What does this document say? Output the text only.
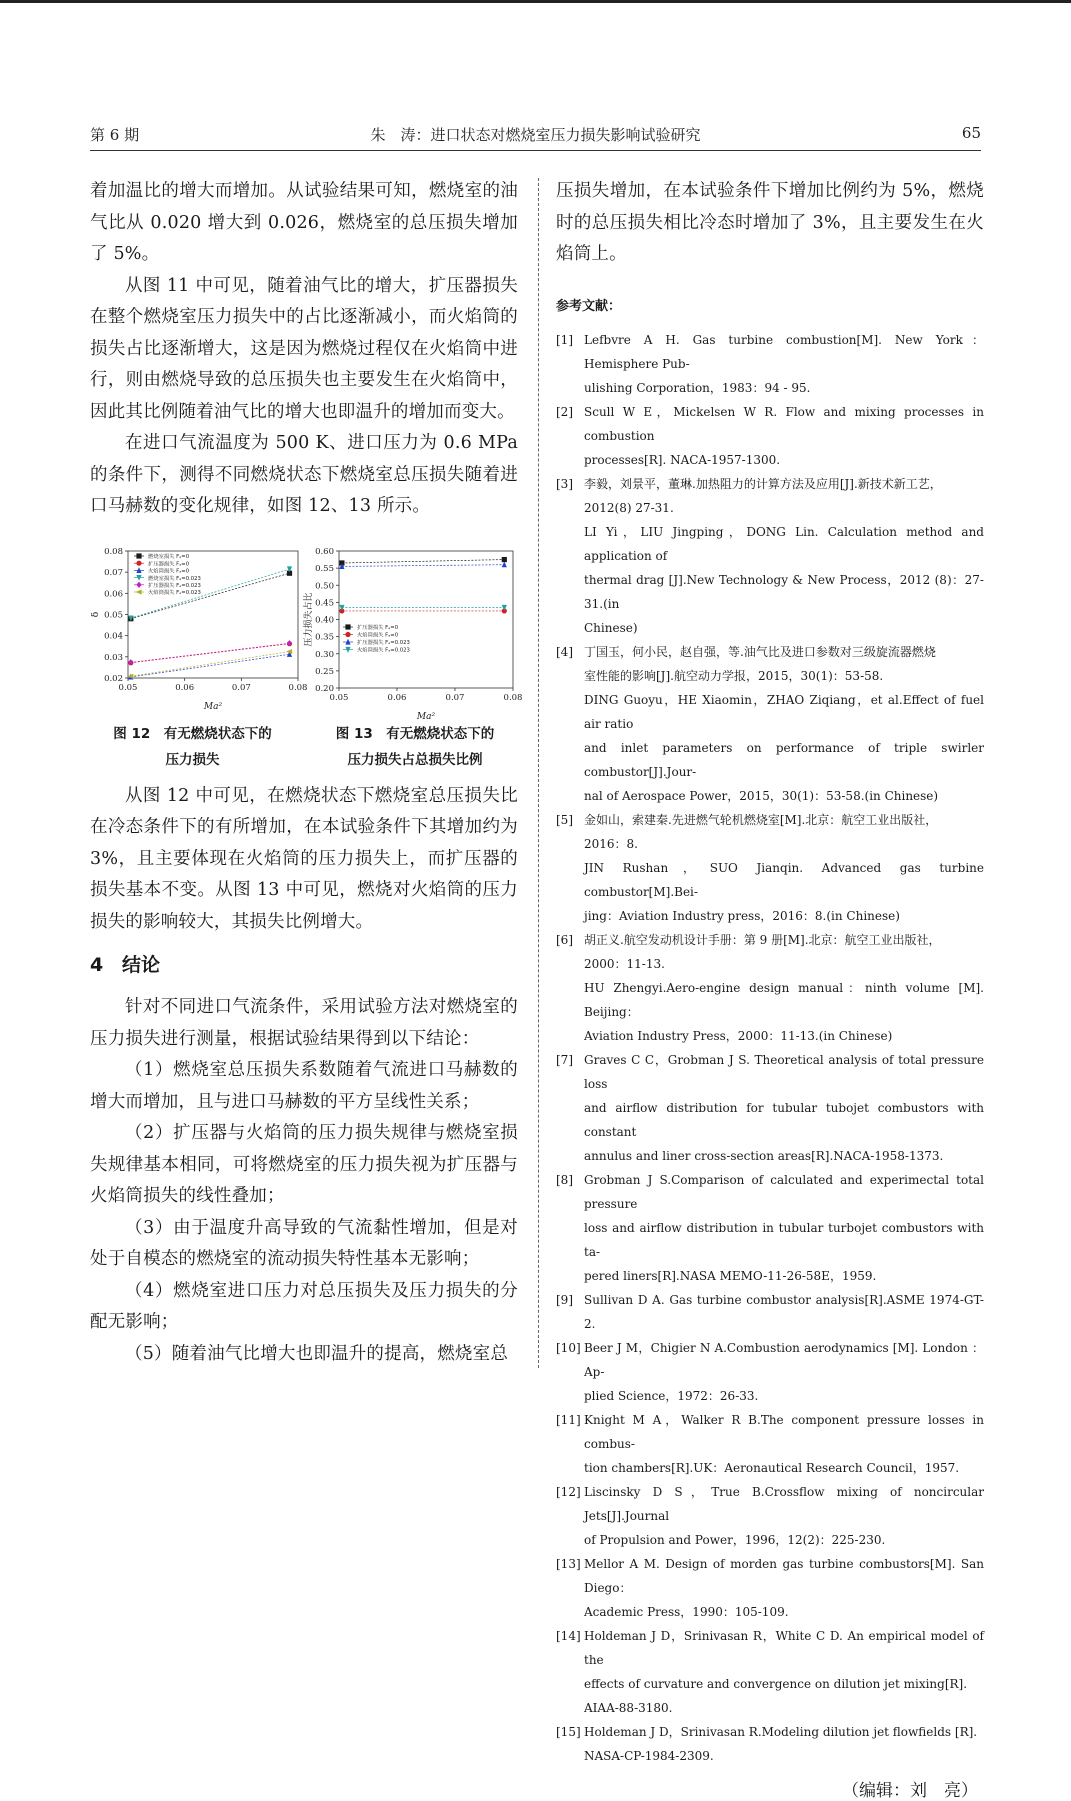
第 6 期	朱　涛：进口状态对燃烧室压力损失影响试验研究	65

着加温比的增大而增加。从试验结果可知，燃烧室的油气比从 0.020 增大到 0.026，燃烧室的总压损失增加了 5%。

从图 11 中可见，随着油气比的增大，扩压器损失在整个燃烧室压力损失中的占比逐渐减小，而火焰筒的损失占比逐渐增大，这是因为燃烧过程仅在火焰筒中进行，则由燃烧导致的总压损失也主要发生在火焰筒中，因此其比例随着油气比的增大也即温升的增加而变大。

在进口气流温度为 500 K、进口压力为 0.6 MPa 的条件下，测得不同燃烧状态下燃烧室总压损失随着进口马赫数的变化规律，如图 12、13 所示。

0.05	0.06	0.07	0.08
0.02
0.03
0.04
0.05
0.06
0.07
0.08
Ma²
δ
燃烧室损失 Fₐ=0
扩压器损失 Fₐ=0
火焰筒损失 Fₐ=0
燃烧室损失 Fₐ=0.023
扩压器损失 Fₐ=0.023
火焰筒损失 Fₐ=0.023
0.05	0.06	0.07	0.08
0.20
0.25
0.30
0.35
0.40
0.45
0.50
0.55
0.60
Ma²
压力损失占比	扩压器损失 Fₐ=0
火焰筒损失 Fₐ=0
扩压器损失 Fₐ=0.023
火焰筒损失 Fₐ=0.023
图 12　有无燃烧状态下的
压力损失
图 13　有无燃烧状态下的
压力损失占总损失比例

从图 12 中可见，在燃烧状态下燃烧室总压损失比在冷态条件下的有所增加，在本试验条件下其增加约为 3%，且主要体现在火焰筒的压力损失上，而扩压器的损失基本不变。从图 13 中可见，燃烧对火焰筒的压力损失的影响较大，其损失比例增大。

4 结论

针对不同进口气流条件，采用试验方法对燃烧室的压力损失进行测量，根据试验结果得到以下结论：

（1）燃烧室总压损失系数随着气流进口马赫数的增大而增加，且与进口马赫数的平方呈线性关系；

（2）扩压器与火焰筒的压力损失规律与燃烧室损失规律基本相同，可将燃烧室的压力损失视为扩压器与火焰筒损失的线性叠加；

（3）由于温度升高导致的气流黏性增加，但是对处于自模态的燃烧室的流动损失特性基本无影响；

（4）燃烧室进口压力对总压损失及压力损失的分配无影响；

（5）随着油气比增大也即温升的提高，燃烧室总

压损失增加，在本试验条件下增加比例约为 5%，燃烧时的总压损失相比冷态时增加了 3%，且主要发生在火焰筒上。

参考文献：
[1] Lefbvre A H. Gas turbine combustion[M]. New York：Hemisphere Pub-
ulishing Corporation，1983：94 - 95.
[2] Scull W E，Mickelsen W R. Flow and mixing processes in combustion
processes[R]. NACA-1957-1300.
[3] 李毅，刘景平，董琳.加热阻力的计算方法及应用[J].新技术新工艺，
2012(8) 27-31.
LI Yi，LIU Jingping，DONG Lin. Calculation method and application of
thermal drag [J].New Technology & New Process，2012 (8)：27-31.(in
Chinese)
[4] 丁国玉，何小民，赵自强，等.油气比及进口参数对三级旋流器燃烧
室性能的影响[J].航空动力学报，2015，30(1)：53-58.
DING Guoyu，HE Xiaomin，ZHAO Ziqiang，et al.Effect of fuel air ratio
and inlet parameters on performance of triple swirler combustor[J].Jour-
nal of Aerospace Power，2015，30(1)：53-58.(in Chinese)
[5] 金如山，索建秦.先进燃气轮机燃烧室[M].北京：航空工业出版社，
2016：8.
JIN Rushan，SUO Jianqin. Advanced gas turbine combustor[M].Bei-
jing：Aviation Industry press，2016：8.(in Chinese)
[6] 胡正义.航空发动机设计手册：第 9 册[M].北京：航空工业出版社，
2000：11-13.
HU Zhengyi.Aero-engine design manual：ninth volume [M]. Beijing：
Aviation Industry Press，2000：11-13.(in Chinese)
[7] Graves C C，Grobman J S. Theoretical analysis of total pressure loss
and airflow distribution for tubular tubojet combustors with constant
annulus and liner cross-section areas[R].NACA-1958-1373.
[8] Grobman J S.Comparison of calculated and experimectal total pressure
loss and airflow distribution in tubular turbojet combustors with ta-
pered liners[R].NASA MEMO-11-26-58E，1959.
[9] Sullivan D A. Gas turbine combustor analysis[R].ASME 1974-GT-2.
[10] Beer J M，Chigier N A.Combustion aerodynamics [M]. London ：Ap-
plied Science，1972：26-33.
[11] Knight M A，Walker R B.The component pressure losses in combus-
tion chambers[R].UK：Aeronautical Research Council，1957.
[12] Liscinsky D S，True B.Crossflow mixing of noncircular Jets[J].Journal
of Propulsion and Power，1996，12(2)：225-230.
[13] Mellor A M. Design of morden gas turbine combustors[M]. San Diego：
Academic Press，1990：105-109.
[14] Holdeman J D，Srinivasan R，White C D. An empirical model of the
effects of curvature and convergence on dilution jet mixing[R].
AIAA-88-3180.
[15] Holdeman J D，Srinivasan R.Modeling dilution jet flowfields [R].
NASA-CP-1984-2309.
（编辑：刘　亮）
